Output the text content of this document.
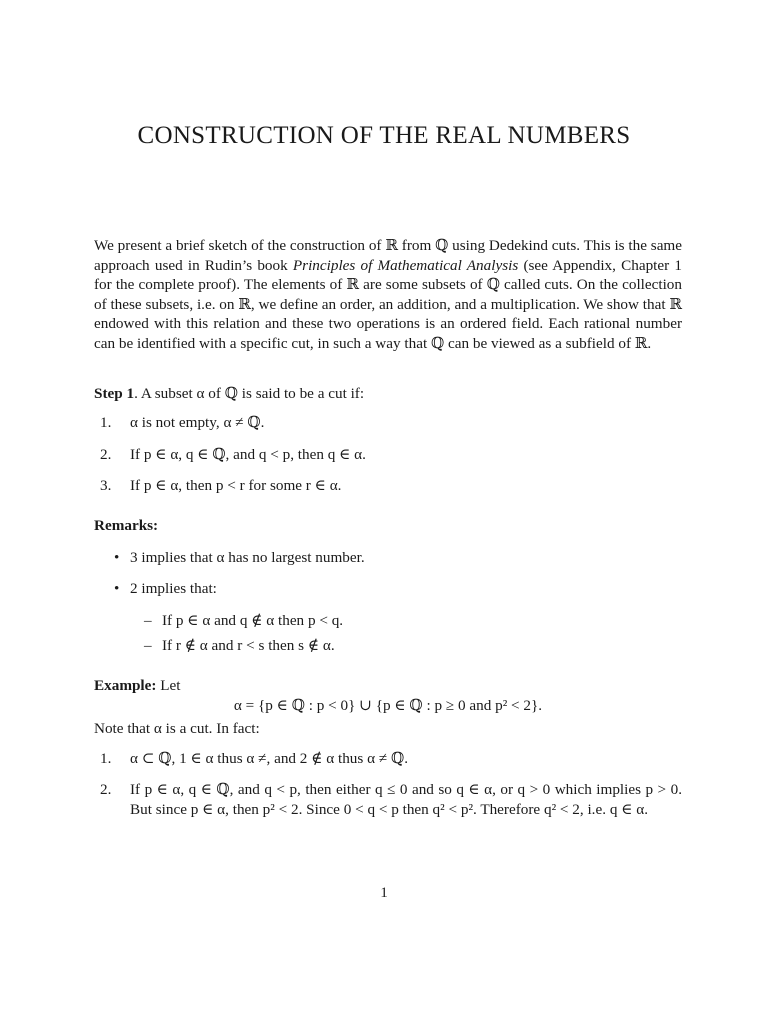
CONSTRUCTION OF THE REAL NUMBERS

We present a brief sketch of the construction of ℝ from ℚ using Dedekind cuts. This is the same approach used in Rudin’s book Principles of Mathematical Analysis (see Appendix, Chapter 1 for the complete proof). The elements of ℝ are some subsets of ℚ called cuts. On the collection of these subsets, i.e. on ℝ, we define an order, an addition, and a multiplication. We show that ℝ endowed with this relation and these two operations is an ordered field. Each rational number can be identified with a specific cut, in such a way that ℚ can be viewed as a subfield of ℝ.

Step 1. A subset α of ℚ is said to be a cut if:

1. α is not empty, α ≠ ℚ.
2. If p ∈ α, q ∈ ℚ, and q < p, then q ∈ α.
3. If p ∈ α, then p < r for some r ∈ α.

Remarks:

• 3 implies that α has no largest number.
• 2 implies that:
– If p ∈ α and q ∉ α then p < q.
– If r ∉ α and r < s then s ∉ α.

Example: Let

α = {p ∈ ℚ : p < 0} ∪ {p ∈ ℚ : p ≥ 0 and p² < 2}.

Note that α is a cut. In fact:

1. α ⊂ ℚ, 1 ∈ α thus α ≠, and 2 ∉ α thus α ≠ ℚ.
2. If p ∈ α, q ∈ ℚ, and q < p, then either q ≤ 0 and so q ∈ α, or q > 0 which implies p > 0. But since p ∈ α, then p² < 2. Since 0 < q < p then q² < p². Therefore q² < 2, i.e. q ∈ α.
1
